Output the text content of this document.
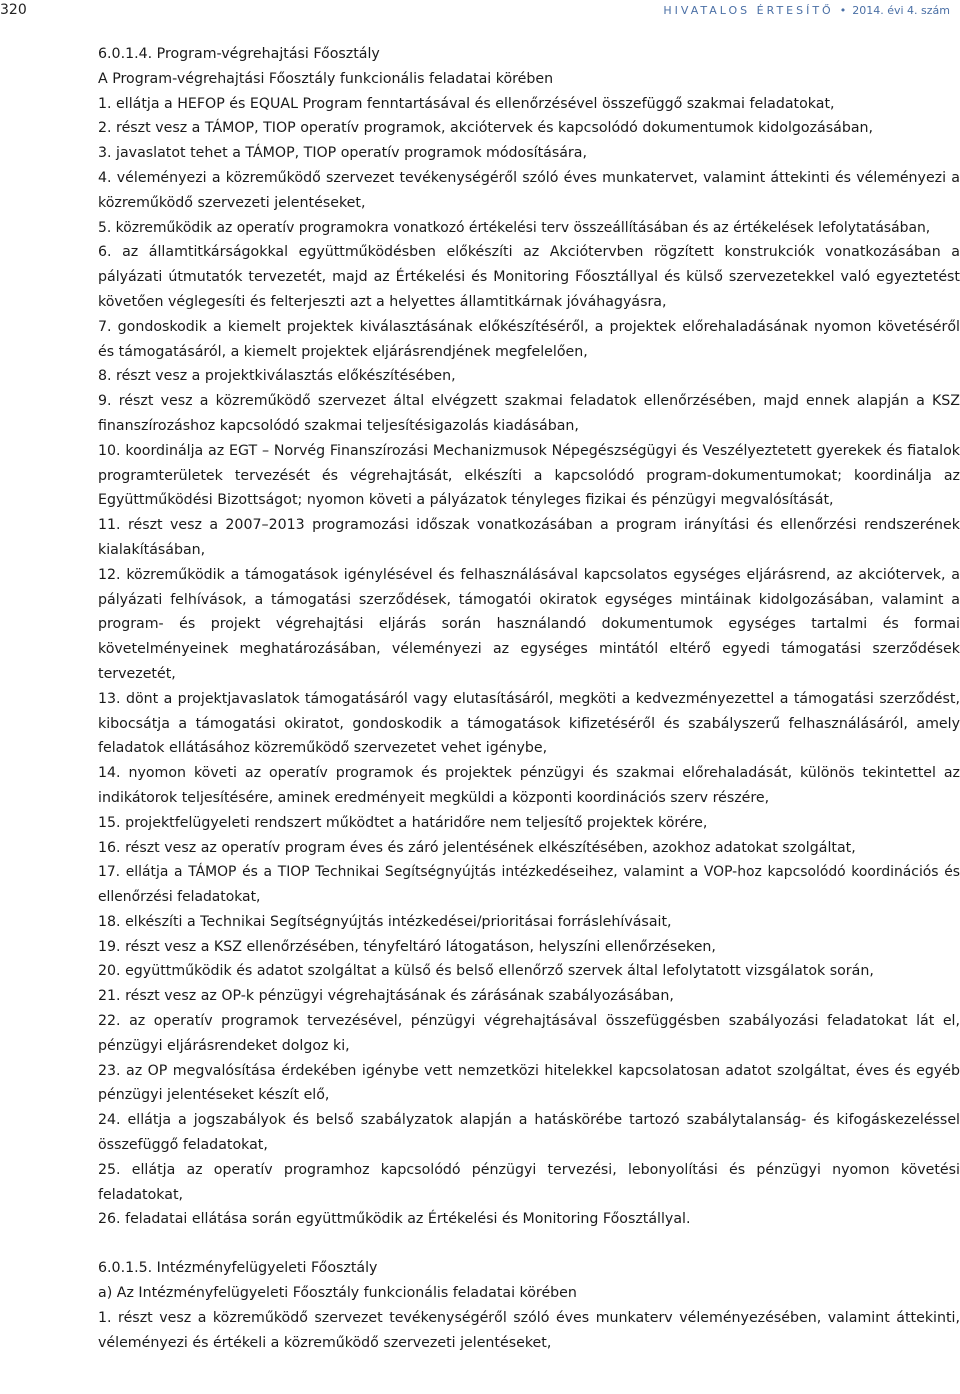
320	HIVATALOS ÉRTESÍTŐ • 2014. évi 4. szám

6.0.1.4. Program-végrehajtási Főosztály

A Program-végrehajtási Főosztály funkcionális feladatai körében

1. ellátja a HEFOP és EQUAL Program fenntartásával és ellenőrzésével összefüggő szakmai feladatokat,

2. részt vesz a TÁMOP, TIOP operatív programok, akciótervek és kapcsolódó dokumentumok kidolgozásában,

3. javaslatot tehet a TÁMOP, TIOP operatív programok módosítására,

4. véleményezi a közreműködő szervezet tevékenységéről szóló éves munkatervet, valamint áttekinti és véleményezi a közreműködő szervezeti jelentéseket,

5. közreműködik az operatív programokra vonatkozó értékelési terv összeállításában és az értékelések lefolytatásában,

6. az államtitkárságokkal együttműködésben előkészíti az Akciótervben rögzített konstrukciók vonatkozásában a pályázati útmutatók tervezetét, majd az Értékelési és Monitoring Főosztállyal és külső szervezetekkel való egyeztetést követően véglegesíti és felterjeszti azt a helyettes államtitkárnak jóváhagyásra,

7. gondoskodik a kiemelt projektek kiválasztásának előkészítéséről, a projektek előrehaladásának nyomon követéséről és támogatásáról, a kiemelt projektek eljárásrendjének megfelelően,

8. részt vesz a projektkiválasztás előkészítésében,

9. részt vesz a közreműködő szervezet által elvégzett szakmai feladatok ellenőrzésében, majd ennek alapján a KSZ finanszírozáshoz kapcsolódó szakmai teljesítésigazolás kiadásában,

10. koordinálja az EGT – Norvég Finanszírozási Mechanizmusok Népegészségügyi és Veszélyeztetett gyerekek és fiatalok programterületek tervezését és végrehajtását, elkészíti a kapcsolódó program-dokumentumokat; koordinálja az Együttműködési Bizottságot; nyomon követi a pályázatok tényleges fizikai és pénzügyi megvalósítását,

11. részt vesz a 2007–2013 programozási időszak vonatkozásában a program irányítási és ellenőrzési rendszerének kialakításában,

12. közreműködik a támogatások igénylésével és felhasználásával kapcsolatos egységes eljárásrend, az akciótervek, a pályázati felhívások, a támogatási szerződések, támogatói okiratok egységes mintáinak kidolgozásában, valamint a program- és projekt végrehajtási eljárás során használandó dokumentumok egységes tartalmi és formai követelményeinek meghatározásában, véleményezi az egységes mintától eltérő egyedi támogatási szerződések tervezetét,

13. dönt a projektjavaslatok támogatásáról vagy elutasításáról, megköti a kedvezményezettel a támogatási szerződést, kibocsátja a támogatási okiratot, gondoskodik a támogatások kifizetéséről és szabályszerű felhasználásáról, amely feladatok ellátásához közreműködő szervezetet vehet igénybe,

14. nyomon követi az operatív programok és projektek pénzügyi és szakmai előrehaladását, különös tekintettel az indikátorok teljesítésére, aminek eredményeit megküldi a központi koordinációs szerv részére,

15. projektfelügyeleti rendszert működtet a határidőre nem teljesítő projektek körére,

16. részt vesz az operatív program éves és záró jelentésének elkészítésében, azokhoz adatokat szolgáltat,

17. ellátja a TÁMOP és a TIOP Technikai Segítségnyújtás intézkedéseihez, valamint a VOP-hoz kapcsolódó koordinációs és ellenőrzési feladatokat,

18. elkészíti a Technikai Segítségnyújtás intézkedései/prioritásai forráslehívásait,

19. részt vesz a KSZ ellenőrzésében, tényfeltáró látogatáson, helyszíni ellenőrzéseken,

20. együttműködik és adatot szolgáltat a külső és belső ellenőrző szervek által lefolytatott vizsgálatok során,

21. részt vesz az OP-k pénzügyi végrehajtásának és zárásának szabályozásában,

22. az operatív programok tervezésével, pénzügyi végrehajtásával összefüggésben szabályozási feladatokat lát el, pénzügyi eljárásrendeket dolgoz ki,

23. az OP megvalósítása érdekében igénybe vett nemzetközi hitelekkel kapcsolatosan adatot szolgáltat, éves és egyéb pénzügyi jelentéseket készít elő,

24. ellátja a jogszabályok és belső szabályzatok alapján a hatáskörébe tartozó szabálytalanság- és kifogáskezeléssel összefüggő feladatokat,

25. ellátja az operatív programhoz kapcsolódó pénzügyi tervezési, lebonyolítási és pénzügyi nyomon követési feladatokat,

26. feladatai ellátása során együttműködik az Értékelési és Monitoring Főosztállyal.

6.0.1.5. Intézményfelügyeleti Főosztály

a) Az Intézményfelügyeleti Főosztály funkcionális feladatai körében

1. részt vesz a közreműködő szervezet tevékenységéről szóló éves munkaterv véleményezésében, valamint áttekinti, véleményezi és értékeli a közreműködő szervezeti jelentéseket,
